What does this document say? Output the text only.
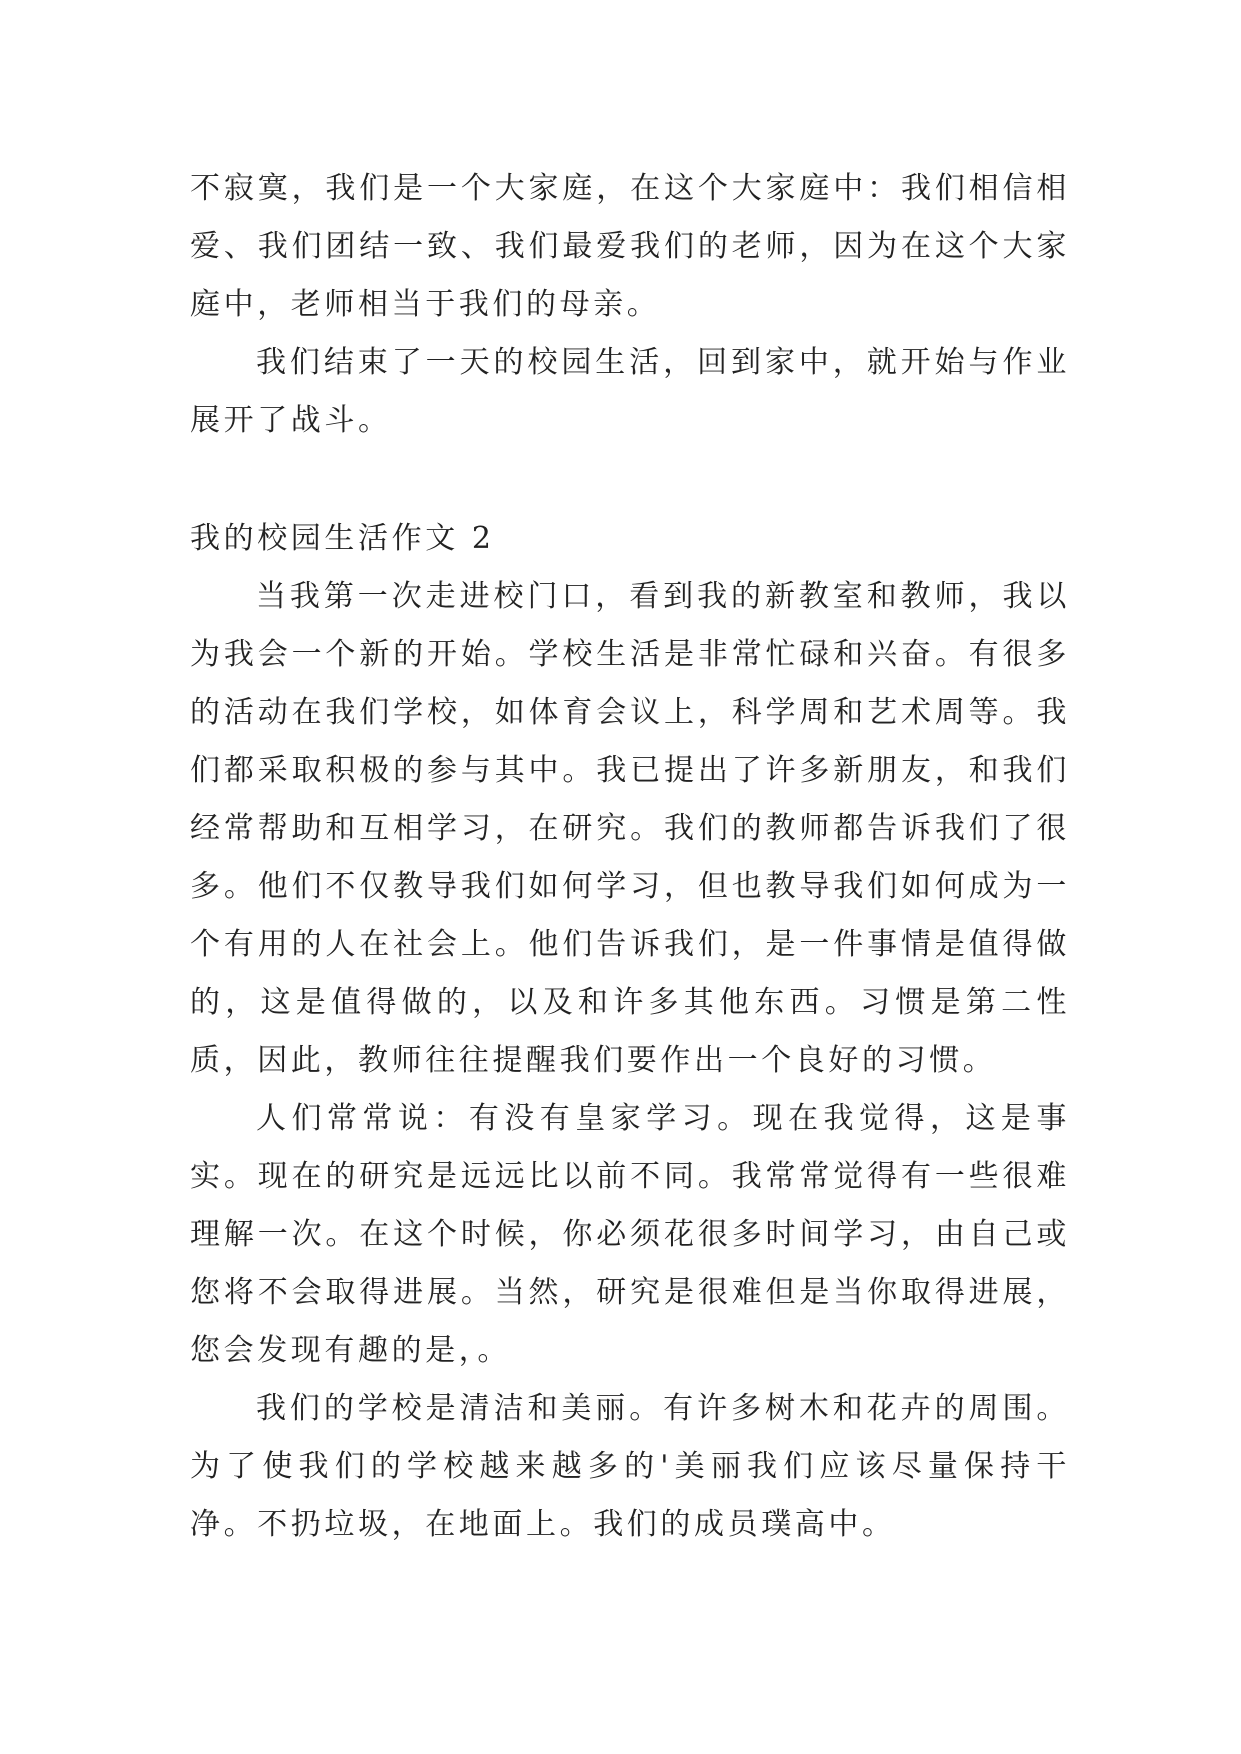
不寂寞，我们是一个大家庭，在这个大家庭中：我们相信相爱、我们团结一致、我们最爱我们的老师，因为在这个大家庭中，老师相当于我们的母亲。

我们结束了一天的校园生活，回到家中，就开始与作业展开了战斗。

我的校园生活作文 2

当我第一次走进校门口，看到我的新教室和教师，我以为我会一个新的开始。学校生活是非常忙碌和兴奋。有很多的活动在我们学校，如体育会议上，科学周和艺术周等。我们都采取积极的参与其中。我已提出了许多新朋友，和我们经常帮助和互相学习，在研究。我们的教师都告诉我们了很多。他们不仅教导我们如何学习，但也教导我们如何成为一个有用的人在社会上。他们告诉我们，是一件事情是值得做的，这是值得做的，以及和许多其他东西。习惯是第二性质，因此，教师往往提醒我们要作出一个良好的习惯。

人们常常说：有没有皇家学习。现在我觉得，这是事实。现在的研究是远远比以前不同。我常常觉得有一些很难理解一次。在这个时候，你必须花很多时间学习，由自己或您将不会取得进展。当然，研究是很难但是当你取得进展，您会发现有趣的是，。

我们的学校是清洁和美丽。有许多树木和花卉的周围。为了使我们的学校越来越多的'美丽我们应该尽量保持干净。不扔垃圾，在地面上。我们的成员璞高中。
